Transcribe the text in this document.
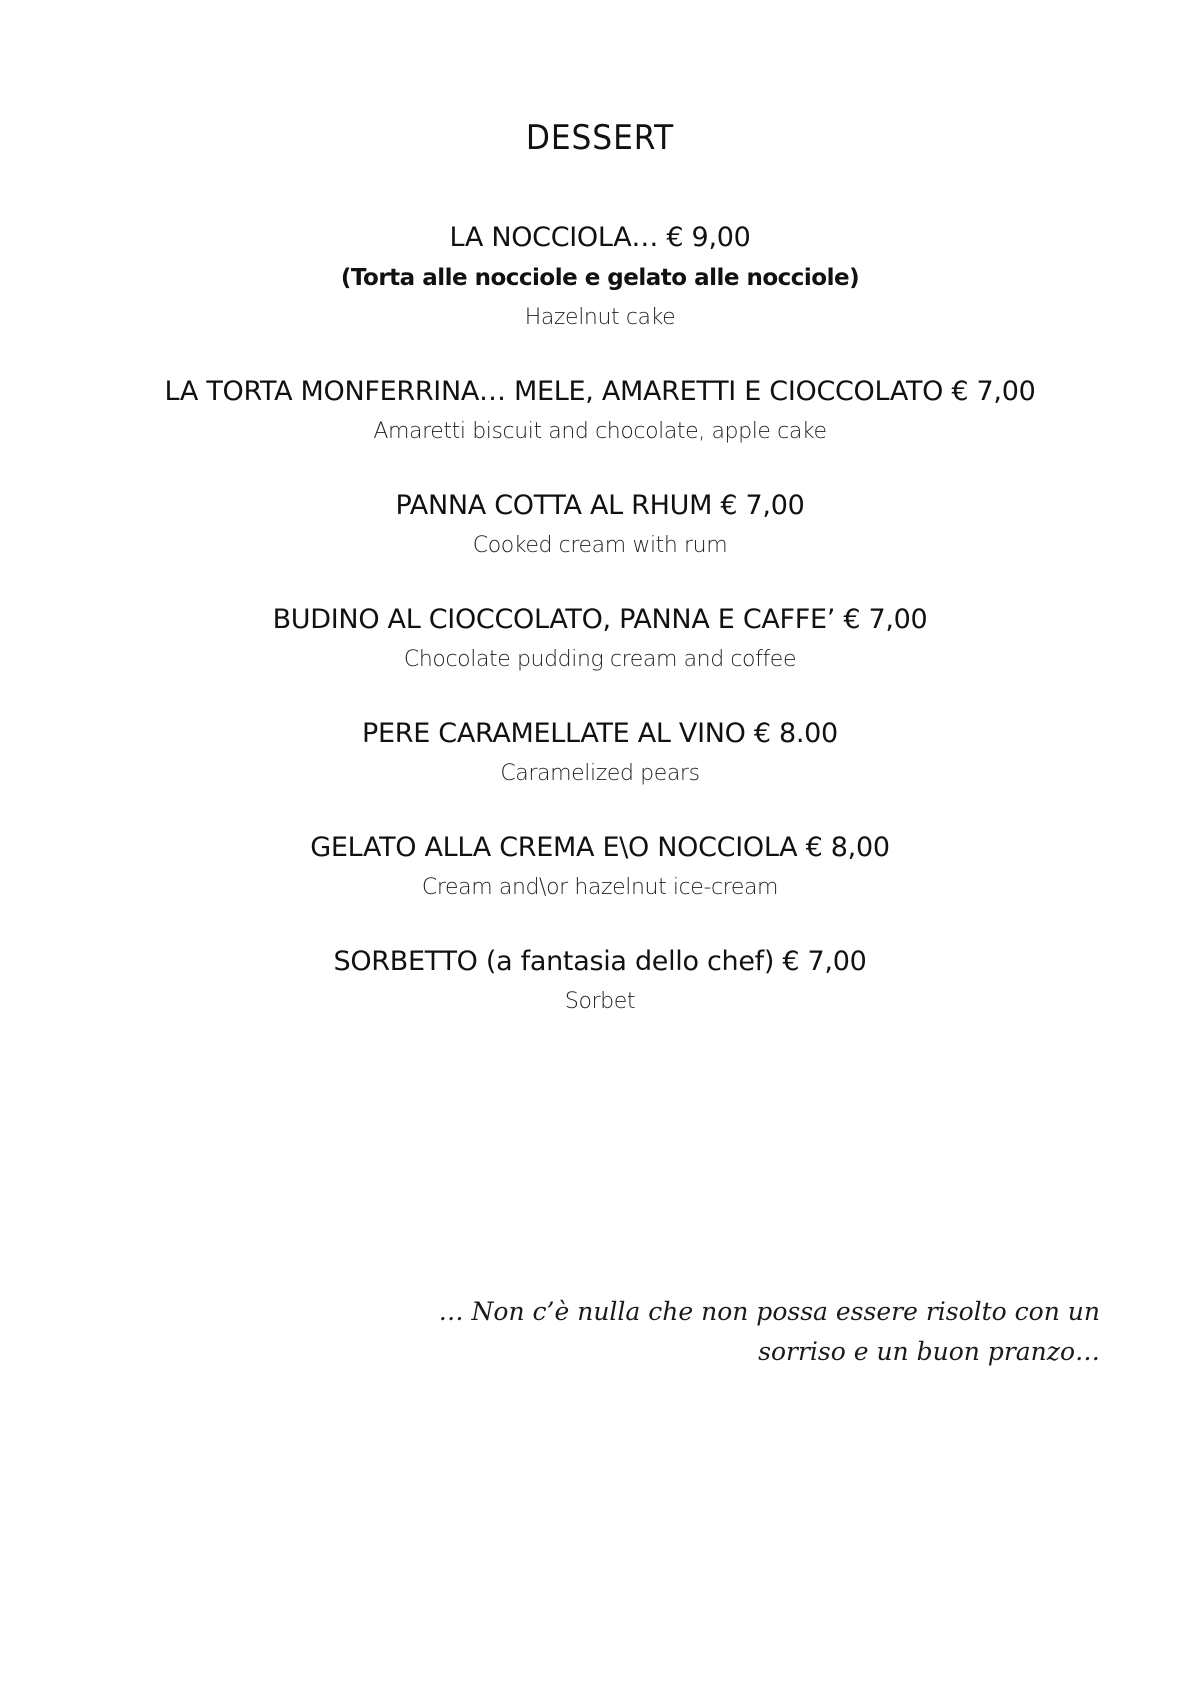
DESSERT
LA NOCCIOLA… € 9,00
(Torta alle nocciole e gelato alle nocciole)
Hazelnut cake
LA TORTA MONFERRINA… MELE, AMARETTI E CIOCCOLATO € 7,00
Amaretti biscuit and chocolate, apple cake
PANNA COTTA AL RHUM € 7,00
Cooked cream with rum
BUDINO AL CIOCCOLATO, PANNA E CAFFE’ € 7,00
Chocolate pudding cream and coffee
PERE CARAMELLATE AL VINO € 8.00
Caramelized pears
GELATO ALLA CREMA E\O NOCCIOLA € 8,00
Cream and\or hazelnut ice-cream
SORBETTO (a fantasia dello chef) € 7,00
Sorbet
… Non c’è nulla che non possa essere risolto con un
sorriso e un buon pranzo…
